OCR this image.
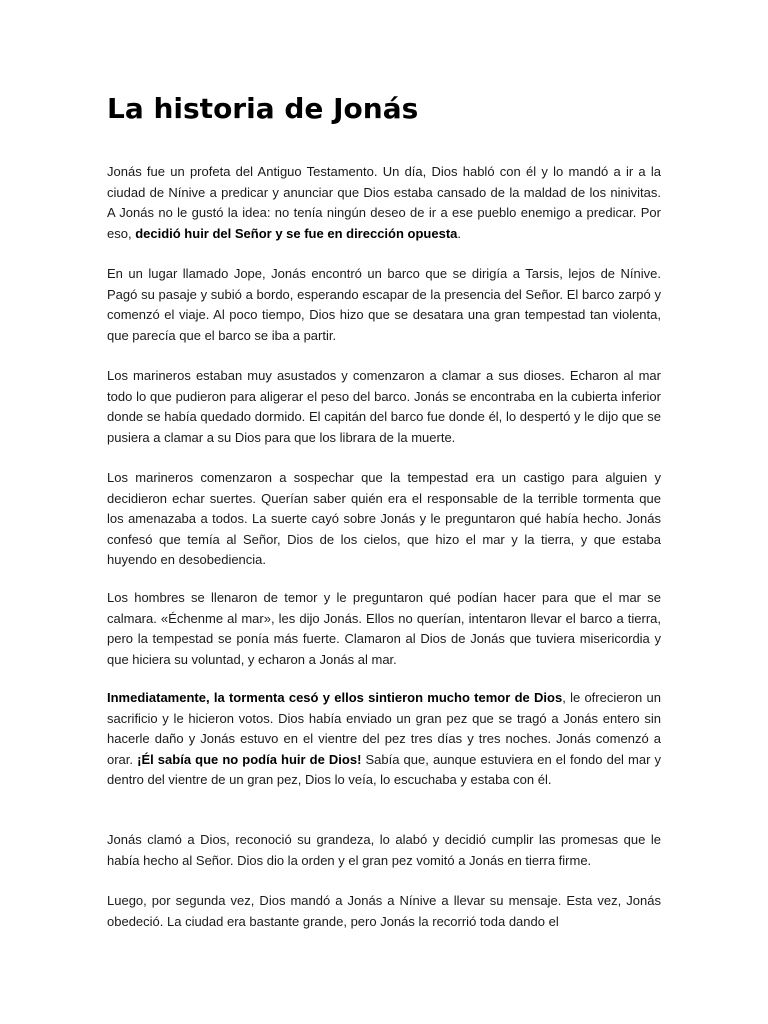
La historia de Jonás

Jonás fue un profeta del Antiguo Testamento. Un día, Dios habló con él y lo mandó a ir a la ciudad de Nínive a predicar y anunciar que Dios estaba cansado de la maldad de los ninivitas. A Jonás no le gustó la idea: no tenía ningún deseo de ir a ese pueblo enemigo a predicar. Por eso, decidió huir del Señor y se fue en dirección opuesta.

En un lugar llamado Jope, Jonás encontró un barco que se dirigía a Tarsis, lejos de Nínive. Pagó su pasaje y subió a bordo, esperando escapar de la presencia del Señor. El barco zarpó y comenzó el viaje. Al poco tiempo, Dios hizo que se desatara una gran tempestad tan violenta, que parecía que el barco se iba a partir.

Los marineros estaban muy asustados y comenzaron a clamar a sus dioses. Echaron al mar todo lo que pudieron para aligerar el peso del barco. Jonás se encontraba en la cubierta inferior donde se había quedado dormido. El capitán del barco fue donde él, lo despertó y le dijo que se pusiera a clamar a su Dios para que los librara de la muerte.

Los marineros comenzaron a sospechar que la tempestad era un castigo para alguien y decidieron echar suertes. Querían saber quién era el responsable de la terrible tormenta que los amenazaba a todos. La suerte cayó sobre Jonás y le preguntaron qué había hecho. Jonás confesó que temía al Señor, Dios de los cielos, que hizo el mar y la tierra, y que estaba huyendo en desobediencia.

Los hombres se llenaron de temor y le preguntaron qué podían hacer para que el mar se calmara. «Échenme al mar», les dijo Jonás. Ellos no querían, intentaron llevar el barco a tierra, pero la tempestad se ponía más fuerte. Clamaron al Dios de Jonás que tuviera misericordia y que hiciera su voluntad, y echaron a Jonás al mar.

Inmediatamente, la tormenta cesó y ellos sintieron mucho temor de Dios, le ofrecieron un sacrificio y le hicieron votos. Dios había enviado un gran pez que se tragó a Jonás entero sin hacerle daño y Jonás estuvo en el vientre del pez tres días y tres noches. Jonás comenzó a orar. ¡Él sabía que no podía huir de Dios! Sabía que, aunque estuviera en el fondo del mar y dentro del vientre de un gran pez, Dios lo veía, lo escuchaba y estaba con él.

Jonás clamó a Dios, reconoció su grandeza, lo alabó y decidió cumplir las promesas que le había hecho al Señor. Dios dio la orden y el gran pez vomitó a Jonás en tierra firme.

Luego, por segunda vez, Dios mandó a Jonás a Nínive a llevar su mensaje. Esta vez, Jonás obedeció. La ciudad era bastante grande, pero Jonás la recorrió toda dando el
